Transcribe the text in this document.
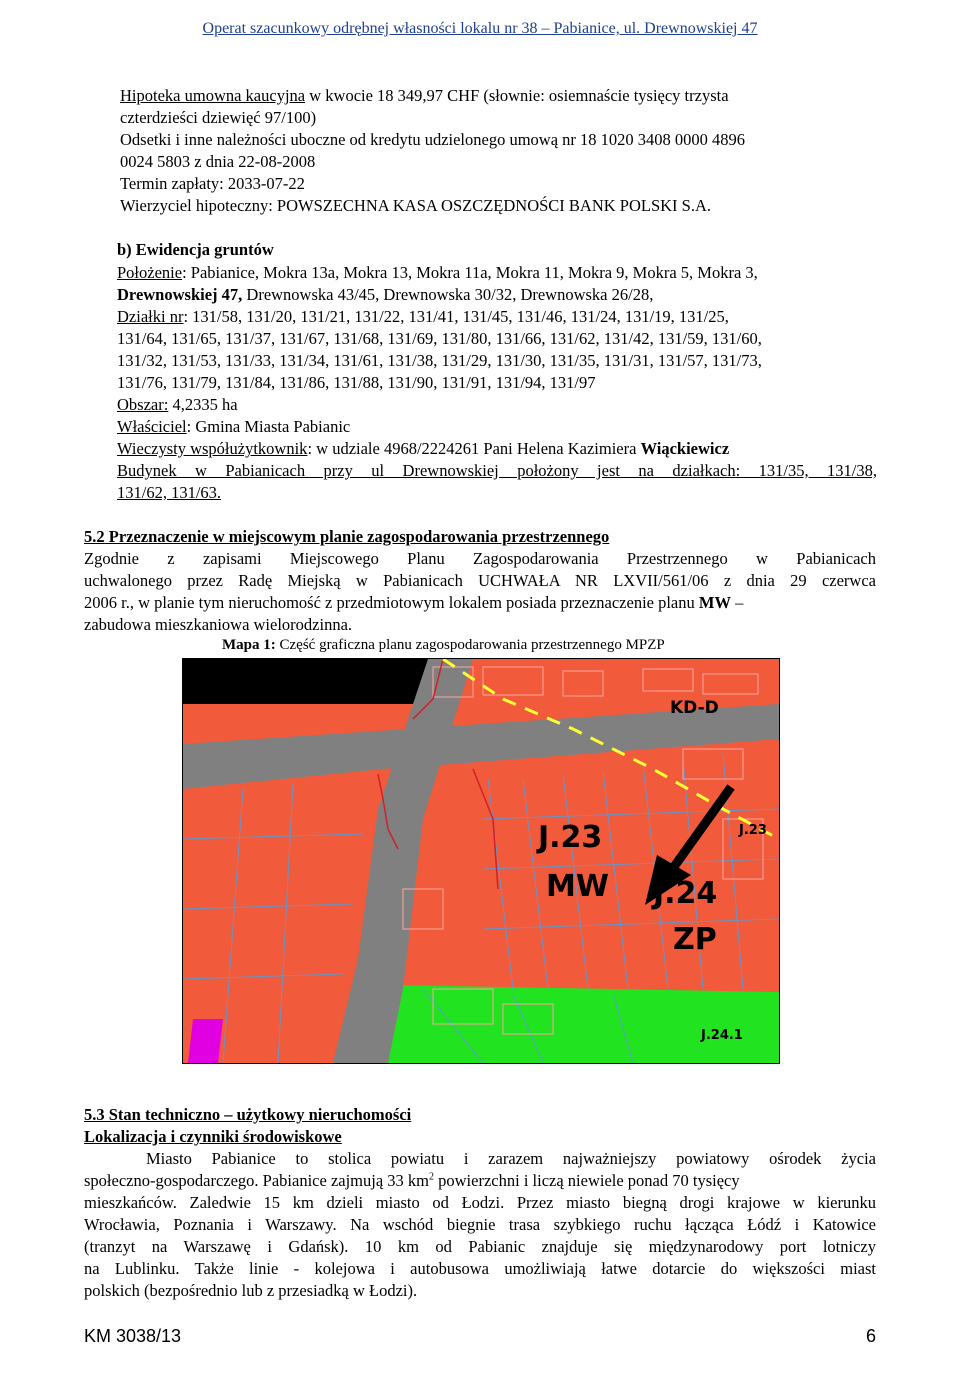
Operat szacunkowy odrębnej własności lokalu nr 38 – Pabianice, ul. Drewnowskiej 47
Hipoteka umowna kaucyjna w kwocie 18 349,97 CHF (słownie: osiemnaście tysięcy trzysta
czterdzieści dziewięć 97/100)
Odsetki i inne należności uboczne od kredytu udzielonego umową nr 18 1020 3408 0000 4896
0024 5803 z dnia 22-08-2008
Termin zapłaty: 2033-07-22
Wierzyciel hipoteczny: POWSZECHNA KASA OSZCZĘDNOŚCI BANK POLSKI S.A.
b) Ewidencja gruntów
Położenie: Pabianice, Mokra 13a, Mokra 13, Mokra 11a, Mokra 11, Mokra 9, Mokra 5, Mokra 3,
Drewnowskiej 47, Drewnowska 43/45, Drewnowska 30/32, Drewnowska 26/28,
Działki nr: 131/58, 131/20, 131/21, 131/22, 131/41, 131/45, 131/46, 131/24, 131/19, 131/25,
131/64, 131/65, 131/37, 131/67, 131/68, 131/69, 131/80, 131/66, 131/62, 131/42, 131/59, 131/60,
131/32, 131/53, 131/33, 131/34, 131/61, 131/38, 131/29, 131/30, 131/35, 131/31, 131/57, 131/73,
131/76, 131/79, 131/84, 131/86, 131/88, 131/90, 131/91, 131/94, 131/97
Obszar: 4,2335 ha
Właściciel: Gmina Miasta Pabianic
Wieczysty współużytkownik: w udziale 4968/2224261 Pani Helena Kazimiera Wiąckiewicz
Budynek w Pabianicach przy ul Drewnowskiej położony jest na działkach: 131/35, 131/38,
131/62, 131/63.
5.2 Przeznaczenie w miejscowym planie zagospodarowania przestrzennego
Zgodnie z zapisami Miejscowego Planu Zagospodarowania Przestrzennego w Pabianicach
uchwalonego przez Radę Miejską w Pabianicach UCHWAŁA NR LXVII/561/06 z dnia 29 czerwca
2006 r., w planie tym nieruchomość z przedmiotowym lokalem posiada przeznaczenie planu MW –
zabudowa mieszkaniowa wielorodzinna.
Mapa 1: Część graficzna planu zagospodarowania przestrzennego MPZP
KD-D
J.23
MW J.24
ZP
J.24.1
J.23
5.3 Stan techniczno – użytkowy nieruchomości
Lokalizacja i czynniki środowiskowe
Miasto Pabianice to stolica powiatu i zarazem najważniejszy powiatowy ośrodek życia
społeczno-gospodarczego. Pabianice zajmują 33 $km^2$ powierzchni i liczą niewiele ponad 70 tysięcy
mieszkańców. Zaledwie 15 km dzieli miasto od Łodzi. Przez miasto biegną drogi krajowe w kierunku
Wrocławia, Poznania i Warszawy. Na wschód biegnie trasa szybkiego ruchu łącząca Łódź i Katowice
(tranzyt na Warszawę i Gdańsk). 10 km od Pabianic znajduje się międzynarodowy port lotniczy
na Lublinku. Także linie - kolejowa i autobusowa umożliwiają łatwe dotarcie do większości miast
polskich (bezpośrednio lub z przesiadką w Łodzi).
KM 3038/13	6
